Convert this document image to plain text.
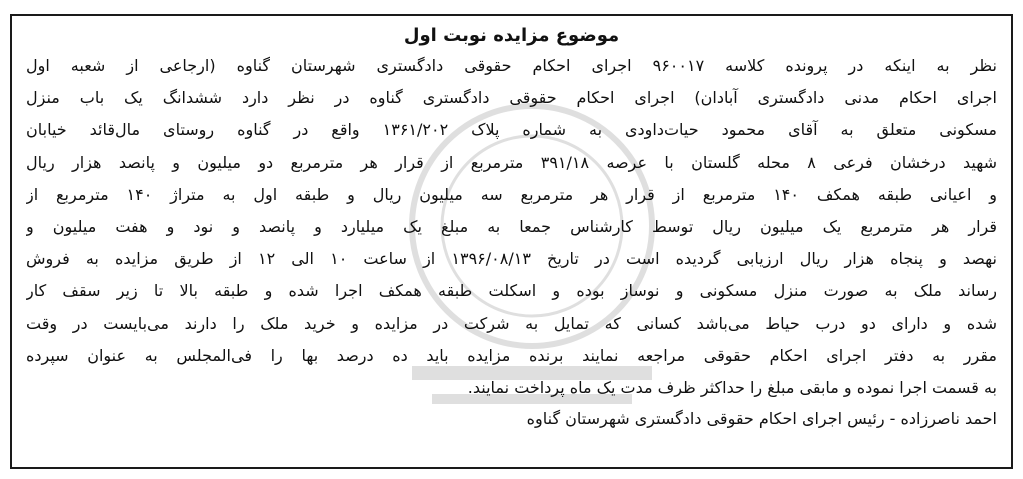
موضوع مزایده نوبت اول
نظر به اینکه در پرونده کلاسه ۹۶۰۰۱۷ اجرای احکام حقوقی دادگستری شهرستان گناوه (ارجاعی از شعبه اول
اجرای احکام مدنی دادگستری آبادان) اجرای احکام حقوقی دادگستری گناوه در نظر دارد ششدانگ یک باب منزل
مسکونی متعلق به آقای محمود حیات‌داودی به شماره پلاک ۱۳۶۱/۲۰۲ واقع در گناوه روستای مال‌قائد خیابان
شهید درخشان فرعی ۸ محله گلستان با عرصه ۳۹۱/۱۸ مترمربع از قرار هر مترمربع دو میلیون و پانصد هزار ریال
و اعیانی طبقه همکف ۱۴۰ مترمربع از قرار هر مترمربع سه میلیون ریال و طبقه اول به متراژ ۱۴۰ مترمربع از
قرار هر مترمربع یک میلیون ریال توسط کارشناس جمعا به مبلغ یک میلیارد و پانصد و نود و هفت میلیون و
نهصد و پنجاه هزار ریال ارزیابی گردیده است در تاریخ ۱۳۹۶/۰۸/۱۳ از ساعت ۱۰ الی ۱۲ از طریق مزایده به فروش
رساند ملک به صورت منزل مسکونی و نوساز بوده و اسکلت طبقه همکف اجرا شده و طبقه بالا تا زیر سقف کار
شده و دارای دو درب حیاط می‌باشد کسانی که تمایل به شرکت در مزایده و خرید ملک را دارند می‌بایست در وقت
مقرر به دفتر اجرای احکام حقوقی مراجعه نمایند برنده مزایده باید ده درصد بها را فی‌المجلس به عنوان سپرده
به قسمت اجرا نموده و مابقی مبلغ را حداکثر ظرف مدت یک ماه پرداخت نمایند.
احمد ناصرزاده - رئیس اجرای احکام حقوقی دادگستری شهرستان گناوه
